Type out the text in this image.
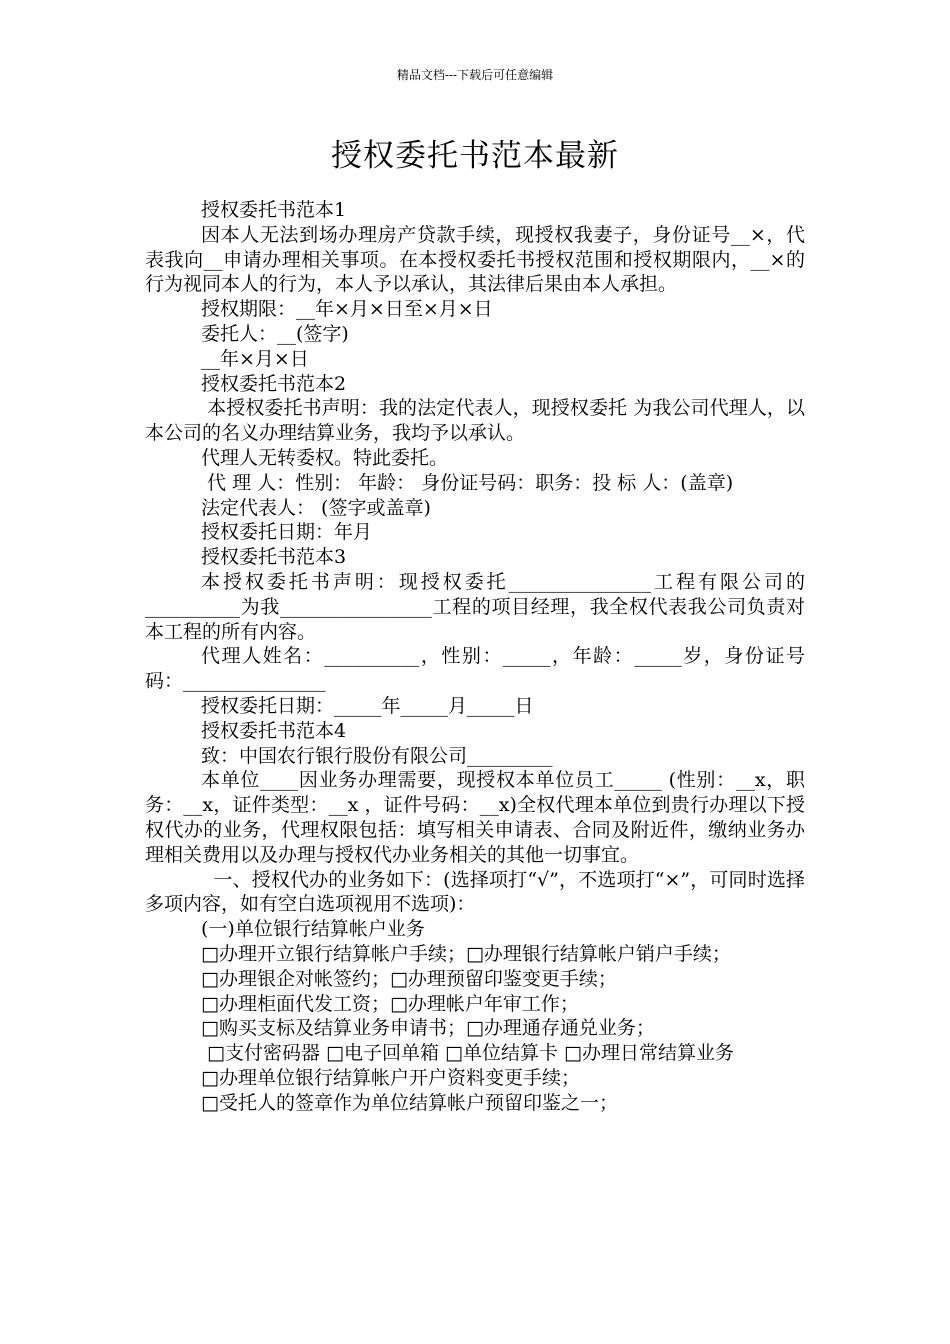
精品文档---下载后可任意编辑
授权委托书范本最新

授权委托书范本1

因本人无法到场办理房产贷款手续，现授权我妻子，身份证号__×，代表我向__申请办理相关事项。在本授权委托书授权范围和授权期限内，__×的行为视同本人的行为，本人予以承认，其法律后果由本人承担。

授权期限：__年×月×日至×月×日

委托人：__(签字)

__年×月×日

授权委托书范本2

本授权委托书声明：我的法定代表人，现授权委托 为我公司代理人，以本公司的名义办理结算业务，我均予以承认。

代理人无转委权。特此委托。

代 理 人：性别： 年龄： 身份证号码：职务：投 标 人：(盖章)

法定代表人： (签字或盖章)

授权委托日期：年月

授权委托书范本3

本授权委托书声明：现授权委托_______________工程有限公司的__________为我________________工程的项目经理，我全权代表我公司负责对本工程的所有内容。

代理人姓名：__________，性别：_____，年龄：_____岁，身份证号码：_______________

授权委托日期：_____年_____月_____日

授权委托书范本4

致：中国农行银行股份有限公司_________

本单位____因业务办理需要，现授权本单位员工_____ (性别：__x，职务：__x，证件类型：__x ，证件号码：__x)全权代理本单位到贵行办理以下授权代办的业务，代理权限包括：填写相关申请表、合同及附近件，缴纳业务办理相关费用以及办理与授权代办业务相关的其他一切事宜。

一、授权代办的业务如下：(选择项打“√”，不选项打“×”，可同时选择多项内容，如有空白选项视用不选项)：

(一)单位银行结算帐户业务

□办理开立银行结算帐户手续；□办理银行结算帐户销户手续；

□办理银企对帐签约；□办理预留印鉴变更手续；

□办理柜面代发工资；□办理帐户年审工作；

□购买支标及结算业务申请书；□办理通存通兑业务；

□支付密码器 □电子回单箱 □单位结算卡 □办理日常结算业务

□办理单位银行结算帐户开户资料变更手续；

□受托人的签章作为单位结算帐户预留印鉴之一；
